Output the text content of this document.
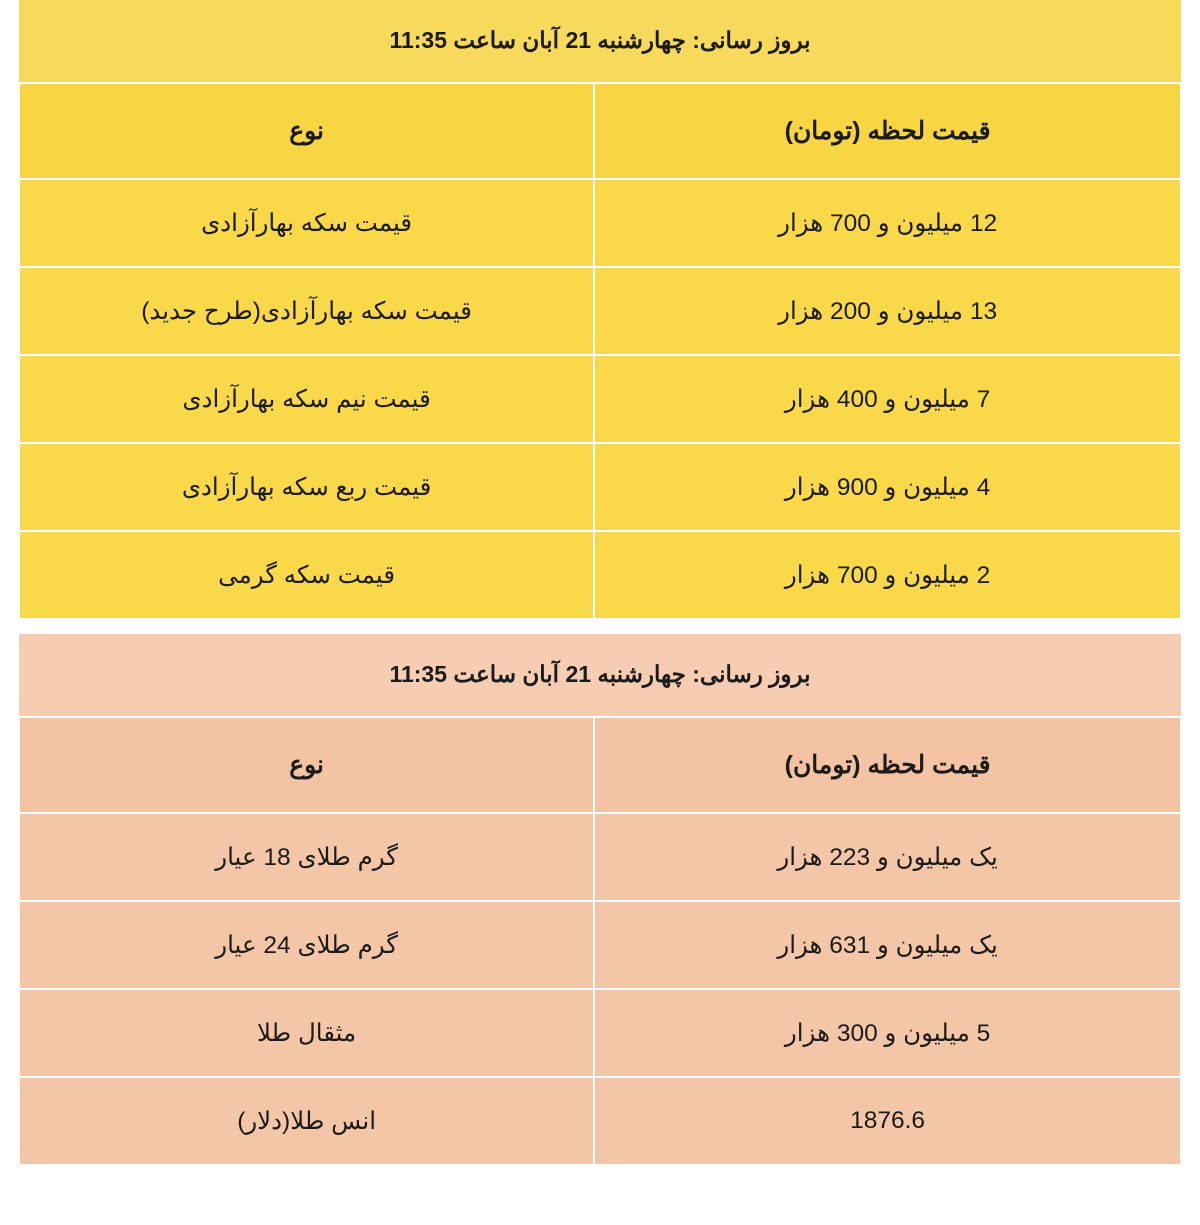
بروز رسانی: چهارشنبه 21 آبان ساعت 11:35	
قیمت لحظه (تومان)	نوع
12 میلیون و 700 هزار	قیمت سکه بهارآزادی
13 میلیون و 200 هزار	قیمت سکه بهارآزادی(طرح جدید)
7 میلیون و 400 هزار	قیمت نیم سکه بهارآزادی
4 میلیون و 900 هزار	قیمت ربع سکه بهارآزادی
2 میلیون و 700 هزار	قیمت سکه گرمی
بروز رسانی: چهارشنبه 21 آبان ساعت 11:35	
قیمت لحظه (تومان)	نوع
یک میلیون و 223 هزار	گرم طلای 18 عیار
یک میلیون و 631 هزار	گرم طلای 24 عیار
5 میلیون و 300 هزار	مثقال طلا
1876.6	انس طلا(دلار)
